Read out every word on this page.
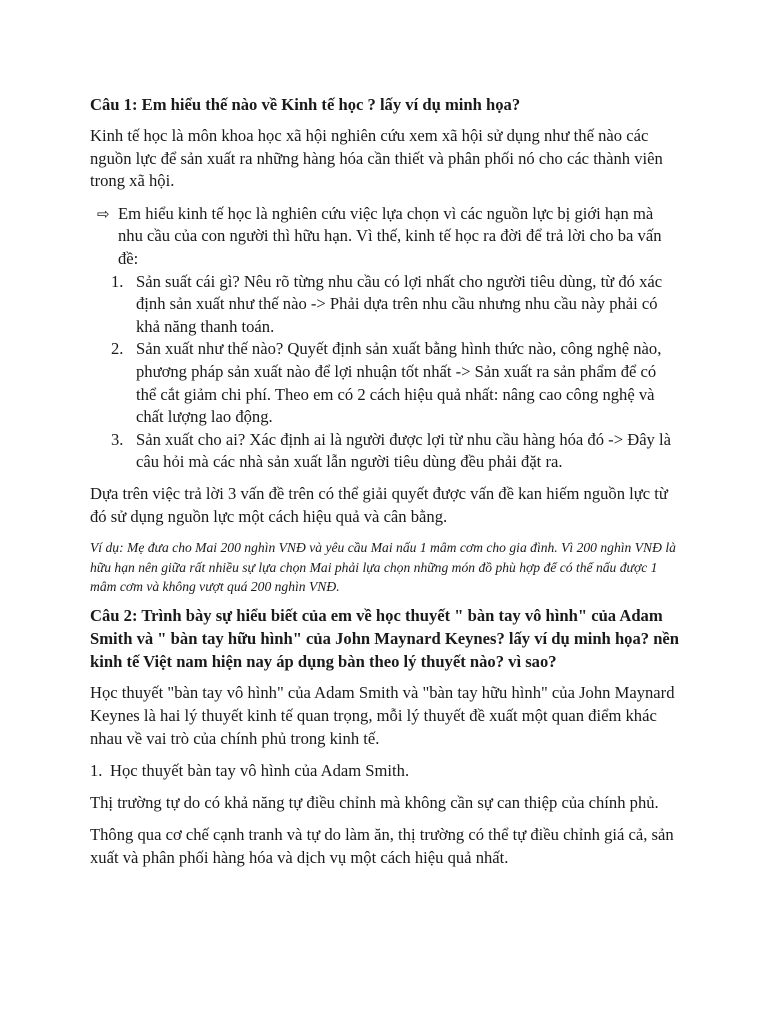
Câu 1: Em hiểu thế nào về Kinh tế học ? lấy ví dụ minh họa?
Kinh tế học là môn khoa học xã hội nghiên cứu xem xã hội sử dụng như thế nào các nguồn lực để sản xuất ra những hàng hóa cần thiết và phân phối nó cho các thành viên trong xã hội.
⇨ Em hiểu kinh tế học là nghiên cứu việc lựa chọn vì các nguồn lực bị giới hạn mà nhu cầu của con người thì hữu hạn. Vì thế, kinh tế học ra đời để trả lời cho ba vấn đề:
1. Sản suất cái gì? Nêu rõ từng nhu cầu có lợi nhất cho người tiêu dùng, từ đó xác định sản xuất như thế nào -> Phải dựa trên nhu cầu nhưng nhu cầu này phải có khả năng thanh toán.
2. Sản xuất như thế nào? Quyết định sản xuất bằng hình thức nào, công nghệ nào, phương pháp sản xuất nào để lợi nhuận tốt nhất -> Sản xuất ra sản phẩm để có thể cắt giảm chi phí. Theo em có 2 cách hiệu quả nhất: nâng cao công nghệ và chất lượng lao động.
3. Sản xuất cho ai? Xác định ai là người được lợi từ nhu cầu hàng hóa đó -> Đây là câu hỏi mà các nhà sản xuất lẫn người tiêu dùng đều phải đặt ra.
Dựa trên việc trả lời 3 vấn đề trên có thể giải quyết được vấn đề kan hiếm nguồn lực từ đó sử dụng nguồn lực một cách hiệu quả và cân bằng.
Ví dụ: Mẹ đưa cho Mai 200 nghìn VNĐ và yêu cầu Mai nấu 1 mâm cơm cho gia đình. Vì 200 nghìn VNĐ là hữu hạn nên giữa rất nhiều sự lựa chọn Mai phải lựa chọn những món đồ phù hợp để có thể nấu được 1 mâm cơm và không vượt quá 200 nghìn VNĐ.
Câu 2: Trình bày sự hiểu biết của em về học thuyết " bàn tay vô hình" của Adam Smith và " bàn tay hữu hình" của John Maynard Keynes? lấy ví dụ minh họa? nền kinh tế Việt nam hiện nay áp dụng bàn theo lý thuyết nào? vì sao?
Học thuyết "bàn tay vô hình" của Adam Smith và "bàn tay hữu hình" của John Maynard Keynes là hai lý thuyết kinh tế quan trọng, mỗi lý thuyết đề xuất một quan điểm khác nhau về vai trò của chính phủ trong kinh tế.
1. Học thuyết bàn tay vô hình của Adam Smith.
Thị trường tự do có khả năng tự điều chỉnh mà không cần sự can thiệp của chính phủ.
Thông qua cơ chế cạnh tranh và tự do làm ăn, thị trường có thể tự điều chỉnh giá cả, sản xuất và phân phối hàng hóa và dịch vụ một cách hiệu quả nhất.
